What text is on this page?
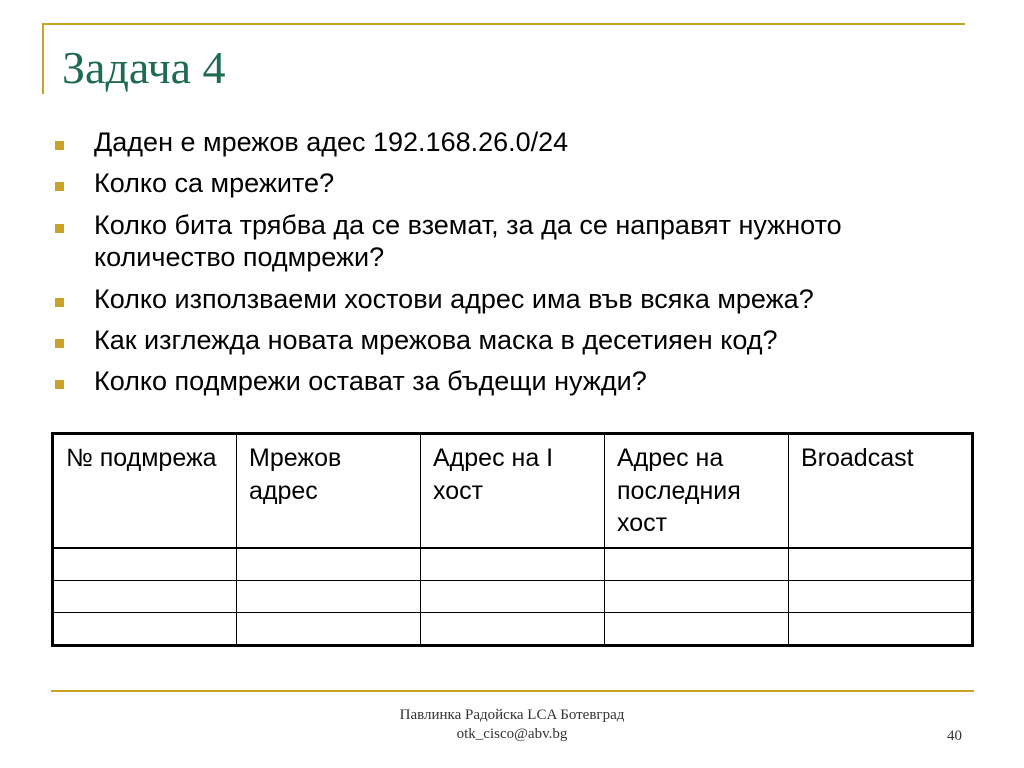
Задача 4
Даден е мрежов адес 192.168.26.0/24
Колко са мрежите?
Колко бита трябва да се вземат, за да се направят нужното количество подмрежи?
Колко използваеми хостови адрес има във всяка мрежа?
Как изглежда новата мрежова маска в десетияен код?
Колко подмрежи остават за бъдещи нужди?
№ подмрежа	Мрежов адрес	Адрес на I хост	Адрес на последния хост	Broadcast

Павлинка Радойска LCA Ботевград
otk_cisco@abv.bg	40
